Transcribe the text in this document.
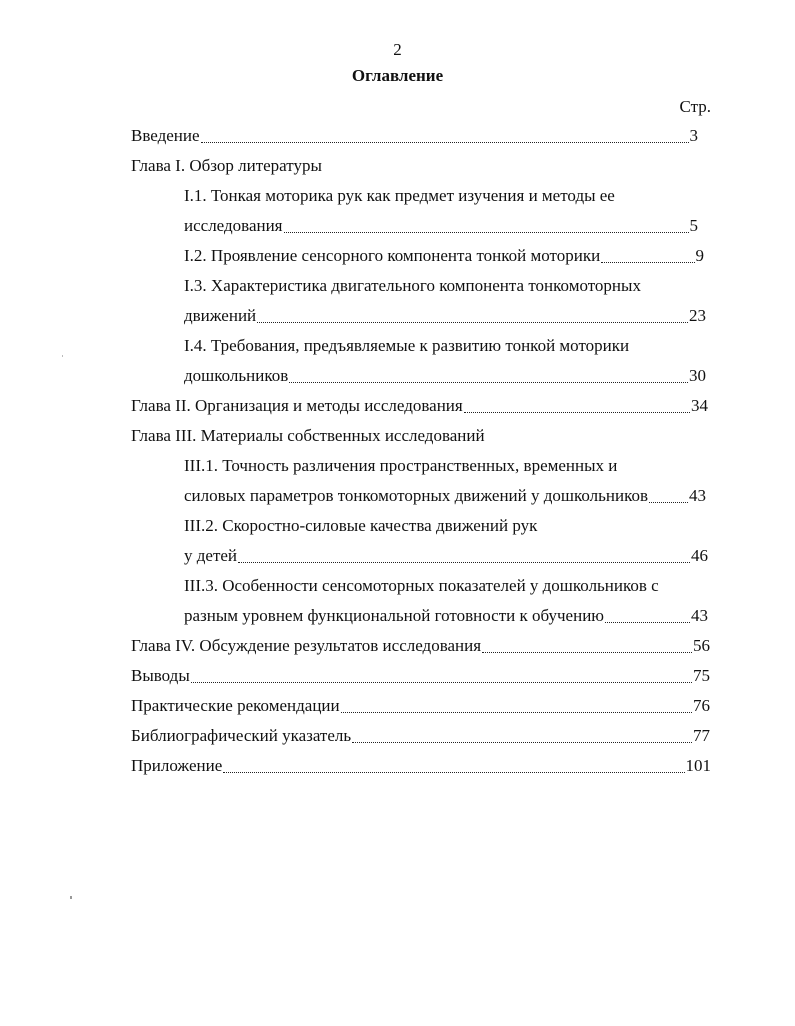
2
Оглавление
Стр.
Введение	3
Глава I. Обзор литературы
I.1. Тонкая моторика рук как предмет изучения и методы ее
исследования	5
I.2. Проявление сенсорного компонента тонкой моторики	9
I.3. Характеристика двигательного компонента тонкомоторных
движений	23
I.4. Требования, предъявляемые к развитию тонкой моторики
дошкольников	30
Глава II. Организация и методы исследования	34
Глава III. Материалы собственных исследований
III.1. Точность различения пространственных, временных и
силовых параметров тонкомоторных движений у дошкольников 43
III.2. Скоростно-силовые качества движений рук
у детей	46
III.3. Особенности сенсомоторных показателей у дошкольников с
разным уровнем функциональной готовности к обучению	43
Глава IV. Обсуждение результатов исследования	56
Выводы	75
Практические рекомендации	76
Библиографический указатель	77
Приложение	101
